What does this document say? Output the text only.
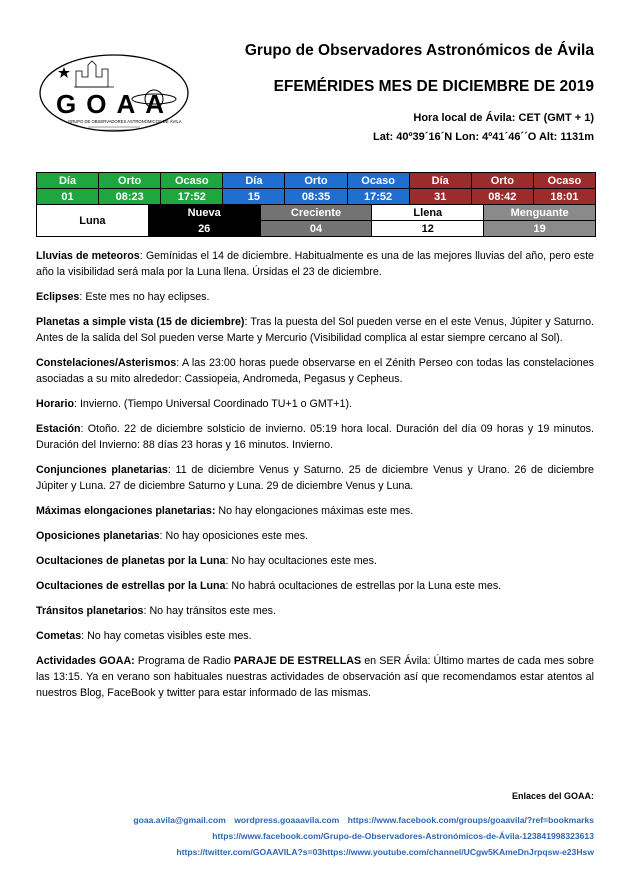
GOAA
GRUPO DE OBSERVADORES ASTRONÓMICOS DE ÁVILA
Grupo de Observadores Astronómicos de Ávila
EFEMÉRIDES MES DE DICIEMBRE DE 2019
Hora local de Ávila: CET (GMT + 1)
Lat: 40º39´16´N Lon: 4º41´46´´O Alt: 1131m
Día	Orto	Ocaso	Día	Orto	Ocaso	Día	Orto	Ocaso
01	08:23	17:52	15	08:35	17:52	31	08:42	18:01
Luna	Nueva	Creciente	Llena	Menguante
	26	04	12	19

Lluvias de meteoros: Gemínidas el 14 de diciembre. Habitualmente es una de las mejores lluvias del año, pero este año la visibilidad será mala por la Luna llena. Úrsidas el 23 de diciembre.

Eclipses: Este mes no hay eclipses.

Planetas a simple vista (15 de diciembre): Tras la puesta del Sol pueden verse en el este Venus, Júpiter y Saturno. Antes de la salida del Sol pueden verse Marte y Mercurio (Visibilidad complica al estar siempre cercano al Sol).

Constelaciones/Asterismos: A las 23:00 horas puede observarse en el Zénith Perseo con todas las constelaciones asociadas a su mito alrededor: Cassiopeia, Andromeda, Pegasus y Cepheus.

Horario: Invierno. (Tiempo Universal Coordinado TU+1 o GMT+1).

Estación: Otoño. 22 de diciembre solsticio de invierno. 05:19 hora local. Duración del día 09 horas y 19 minutos. Duración del Invierno: 88 días 23 horas y 16 minutos. Invierno.

Conjunciones planetarias: 11 de diciembre Venus y Saturno. 25 de diciembre Venus y Urano. 26 de diciembre Júpiter y Luna. 27 de diciembre Saturno y Luna. 29 de diciembre Venus y Luna.

Máximas elongaciones planetarias: No hay elongaciones máximas este mes.

Oposiciones planetarias: No hay oposiciones este mes.

Ocultaciones de planetas por la Luna: No hay ocultaciones este mes.

Ocultaciones de estrellas por la Luna: No habrá ocultaciones de estrellas por la Luna este mes.

Tránsitos planetarios: No hay tránsitos este mes.

Cometas: No hay cometas visibles este mes.

Actividades GOAA: Programa de Radio PARAJE DE ESTRELLAS en SER Ávila: Último martes de cada mes sobre las 13:15. Ya en verano son habituales nuestras actividades de observación así que recomendamos estar atentos al nuestros Blog, FaceBook y twitter para estar informado de las mismas.

Enlaces del GOAA:
goaa.avila@gmail.com wordpress.goaaavila.com https://www.facebook.com/groups/goaavila/?ref=bookmarks
https://www.facebook.com/Grupo-de-Observadores-Astronómicos-de-Ávila-123841998323613
https://twitter.com/GOAAVILA?s=03https://www.youtube.com/channel/UCgw5KAmeDnJrpqsw-e23Hsw
